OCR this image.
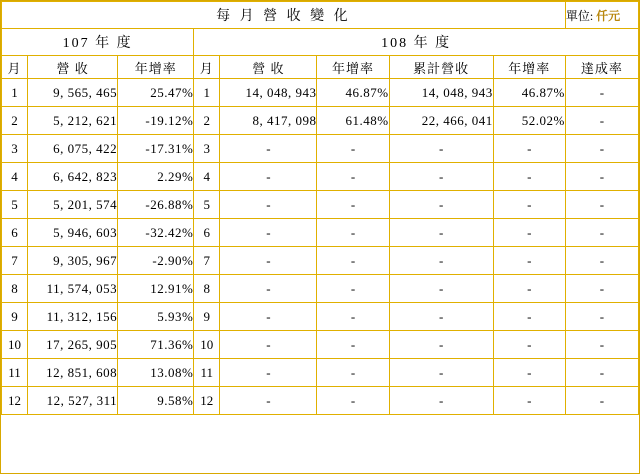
每 月 營 收 變 化								單位: 仟元
107 年 度			108 年 度					
月	營 收	年增率	月	營 收	年增率	累計營收	年增率	達成率
1	9, 565, 465	25.47%	1	14, 048, 943	46.87%	14, 048, 943	46.87%	-
2	5, 212, 621	-19.12%	2	8, 417, 098	61.48%	22, 466, 041	52.02%	-
3	6, 075, 422	-17.31%	3	-	-	-	-	-
4	6, 642, 823	2.29%	4	-	-	-	-	-
5	5, 201, 574	-26.88%	5	-	-	-	-	-
6	5, 946, 603	-32.42%	6	-	-	-	-	-
7	9, 305, 967	-2.90%	7	-	-	-	-	-
8	11, 574, 053	12.91%	8	-	-	-	-	-
9	11, 312, 156	5.93%	9	-	-	-	-	-
10	17, 265, 905	71.36%	10	-	-	-	-	-
11	12, 851, 608	13.08%	11	-	-	-	-	-
12	12, 527, 311	9.58%	12	-	-	-	-	-
